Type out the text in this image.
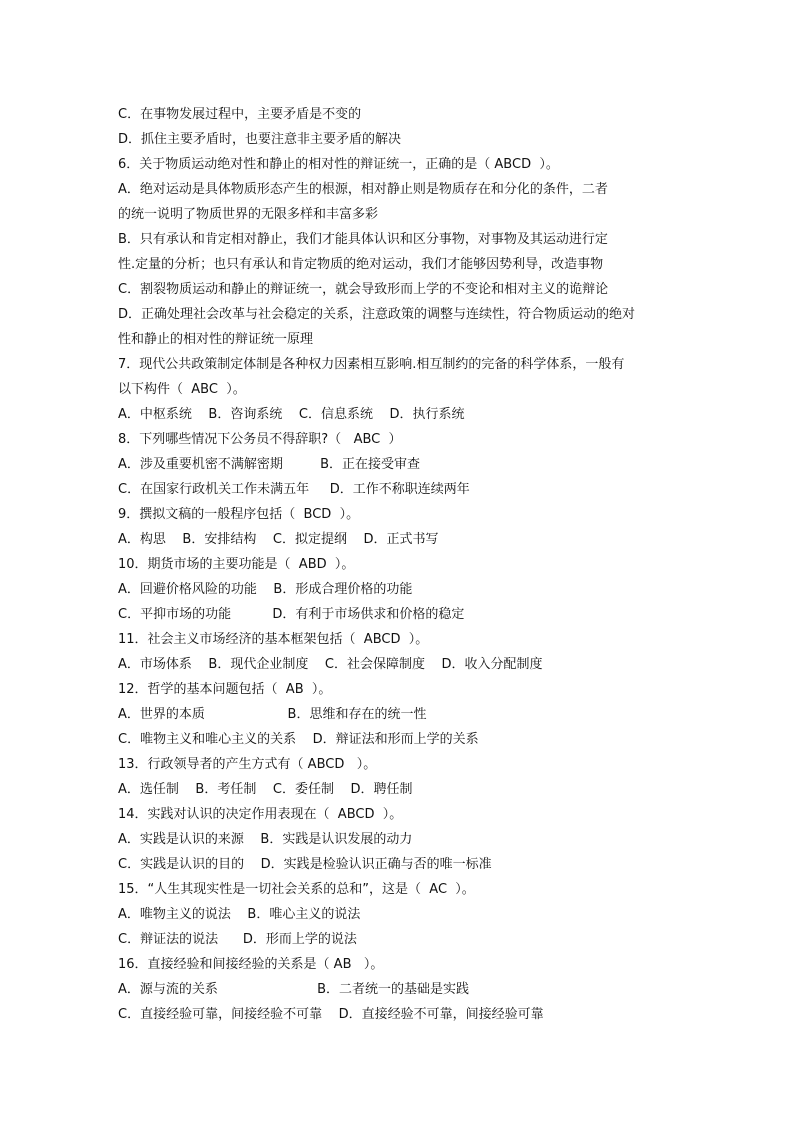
C．在事物发展过程中，主要矛盾是不变的
D．抓住主要矛盾时，也要注意非主要矛盾的解决
6．关于物质运动绝对性和静止的相对性的辩证统一，正确的是（ ABCD  ）。
A．绝对运动是具体物质形态产生的根源，相对静止则是物质存在和分化的条件，二者
的统一说明了物质世界的无限多样和丰富多彩
B．只有承认和肯定相对静止，我们才能具体认识和区分事物，对事物及其运动进行定
性.定量的分析；也只有承认和肯定物质的绝对运动，我们才能够因势利导，改造事物
C．割裂物质运动和静止的辩证统一，就会导致形而上学的不变论和相对主义的诡辩论
D．正确处理社会改革与社会稳定的关系，注意政策的调整与连续性，符合物质运动的绝对
性和静止的相对性的辩证统一原理
7．现代公共政策制定体制是各种权力因素相互影响.相互制约的完备的科学体系，一般有
以下构件（  ABC  ）。
A．中枢系统    B．咨询系统    C．信息系统    D．执行系统
8．下列哪些情况下公务员不得辞职?（   ABC  ）
A．涉及重要机密不满解密期         B．正在接受审查
C．在国家行政机关工作未满五年     D．工作不称职连续两年
9．撰拟文稿的一般程序包括（  BCD  ）。
A．构思    B．安排结构    C．拟定提纲    D．正式书写
10．期货市场的主要功能是（  ABD  ）。
A．回避价格风险的功能    B．形成合理价格的功能
C．平抑市场的功能          D．有利于市场供求和价格的稳定
11．社会主义市场经济的基本框架包括（  ABCD  ）。
A．市场体系    B．现代企业制度    C．社会保障制度    D．收入分配制度
12．哲学的基本问题包括（  AB  ）。
A．世界的本质                    B．思维和存在的统一性
C．唯物主义和唯心主义的关系    D．辩证法和形而上学的关系
13．行政领导者的产生方式有（ ABCD   ）。
A．选任制    B．考任制    C．委任制    D．聘任制
14．实践对认识的决定作用表现在（  ABCD  ）。
A．实践是认识的来源    B．实践是认识发展的动力
C．实践是认识的目的    D．实践是检验认识正确与否的唯一标准
15．“人生其现实性是一切社会关系的总和”，这是（  AC  ）。
A．唯物主义的说法    B．唯心主义的说法
C．辩证法的说法      D．形而上学的说法
16．直接经验和间接经验的关系是（ AB   ）。
A．源与流的关系                        B．二者统一的基础是实践
C．直接经验可靠，间接经验不可靠    D．直接经验不可靠，间接经验可靠
